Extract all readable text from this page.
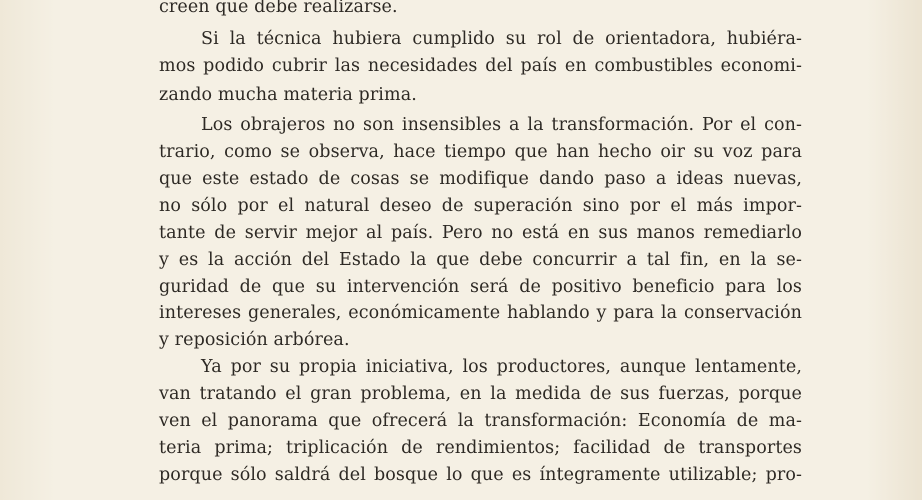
creen que debe realizarse.

Si la técnica hubiera cumplido su rol de orientadora, hubiéra-

mos podido cubrir las necesidades del país en combustibles economi-

zando mucha materia prima.

Los obrajeros no son insensibles a la transformación. Por el con-

trario, como se observa, hace tiempo que han hecho oir su voz para

que este estado de cosas se modifique dando paso a ideas nuevas,

no sólo por el natural deseo de superación sino por el más impor-

tante de servir mejor al país. Pero no está en sus manos remediarlo

y es la acción del Estado la que debe concurrir a tal fin, en la se-

guridad de que su intervención será de positivo beneficio para los

intereses generales, económicamente hablando y para la conservación

y reposición arbórea.

Ya por su propia iniciativa, los productores, aunque lentamente,

van tratando el gran problema, en la medida de sus fuerzas, porque

ven el panorama que ofrecerá la transformación: Economía de ma-

teria prima; triplicación de rendimientos; facilidad de transportes

porque sólo saldrá del bosque lo que es íntegramente utilizable; pro-
